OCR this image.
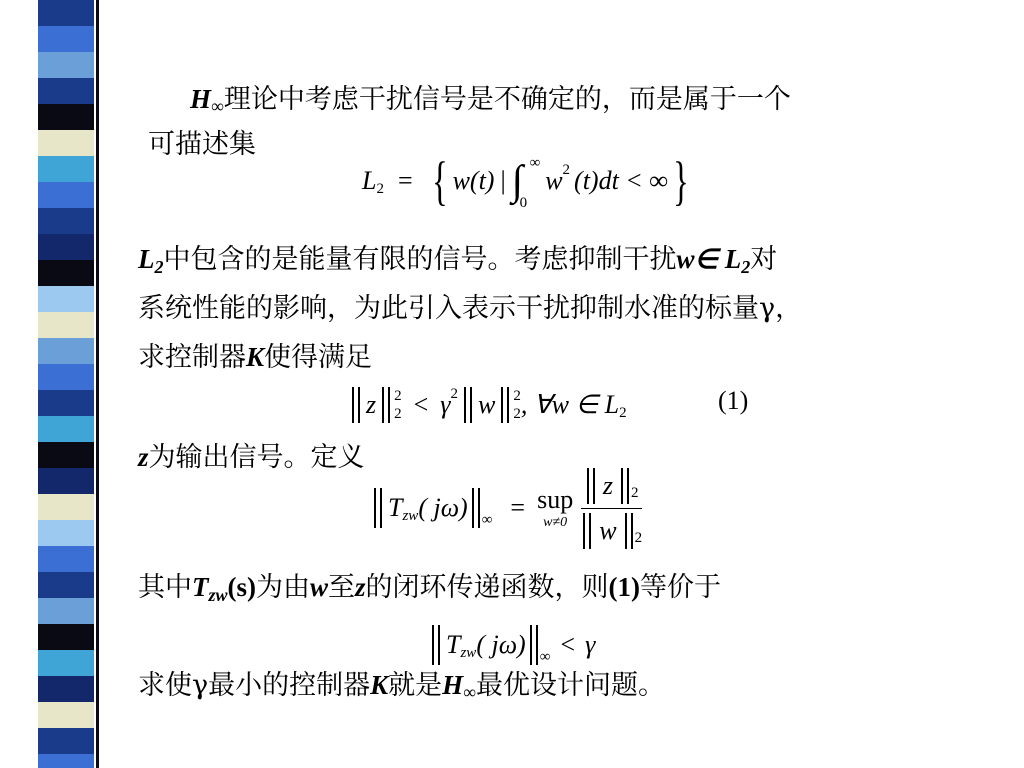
H∞理论中考虑干扰信号是不确定的，而是属于一个
可描述集
L 2 = { w(t) | ∫ ∞
0
w 2 (t)dt < ∞ }
L2中包含的是能量有限的信号。考虑抑制干扰w∈ L2对
系统性能的影响，为此引入表示干扰抑制水准的标量γ，
求控制器K使得满足
z 2
2 < γ 2 w 2
2 , ∀w ∈ L 2	(1)
z为输出信号。定义
T zw ( jω) ∞ = sup
w≠0
z 2
w 2
其中Tzw(s)为由w至z的闭环传递函数，则(1)等价于
T zw ( jω) ∞ < γ
求使γ最小的控制器K就是H∞最优设计问题。
